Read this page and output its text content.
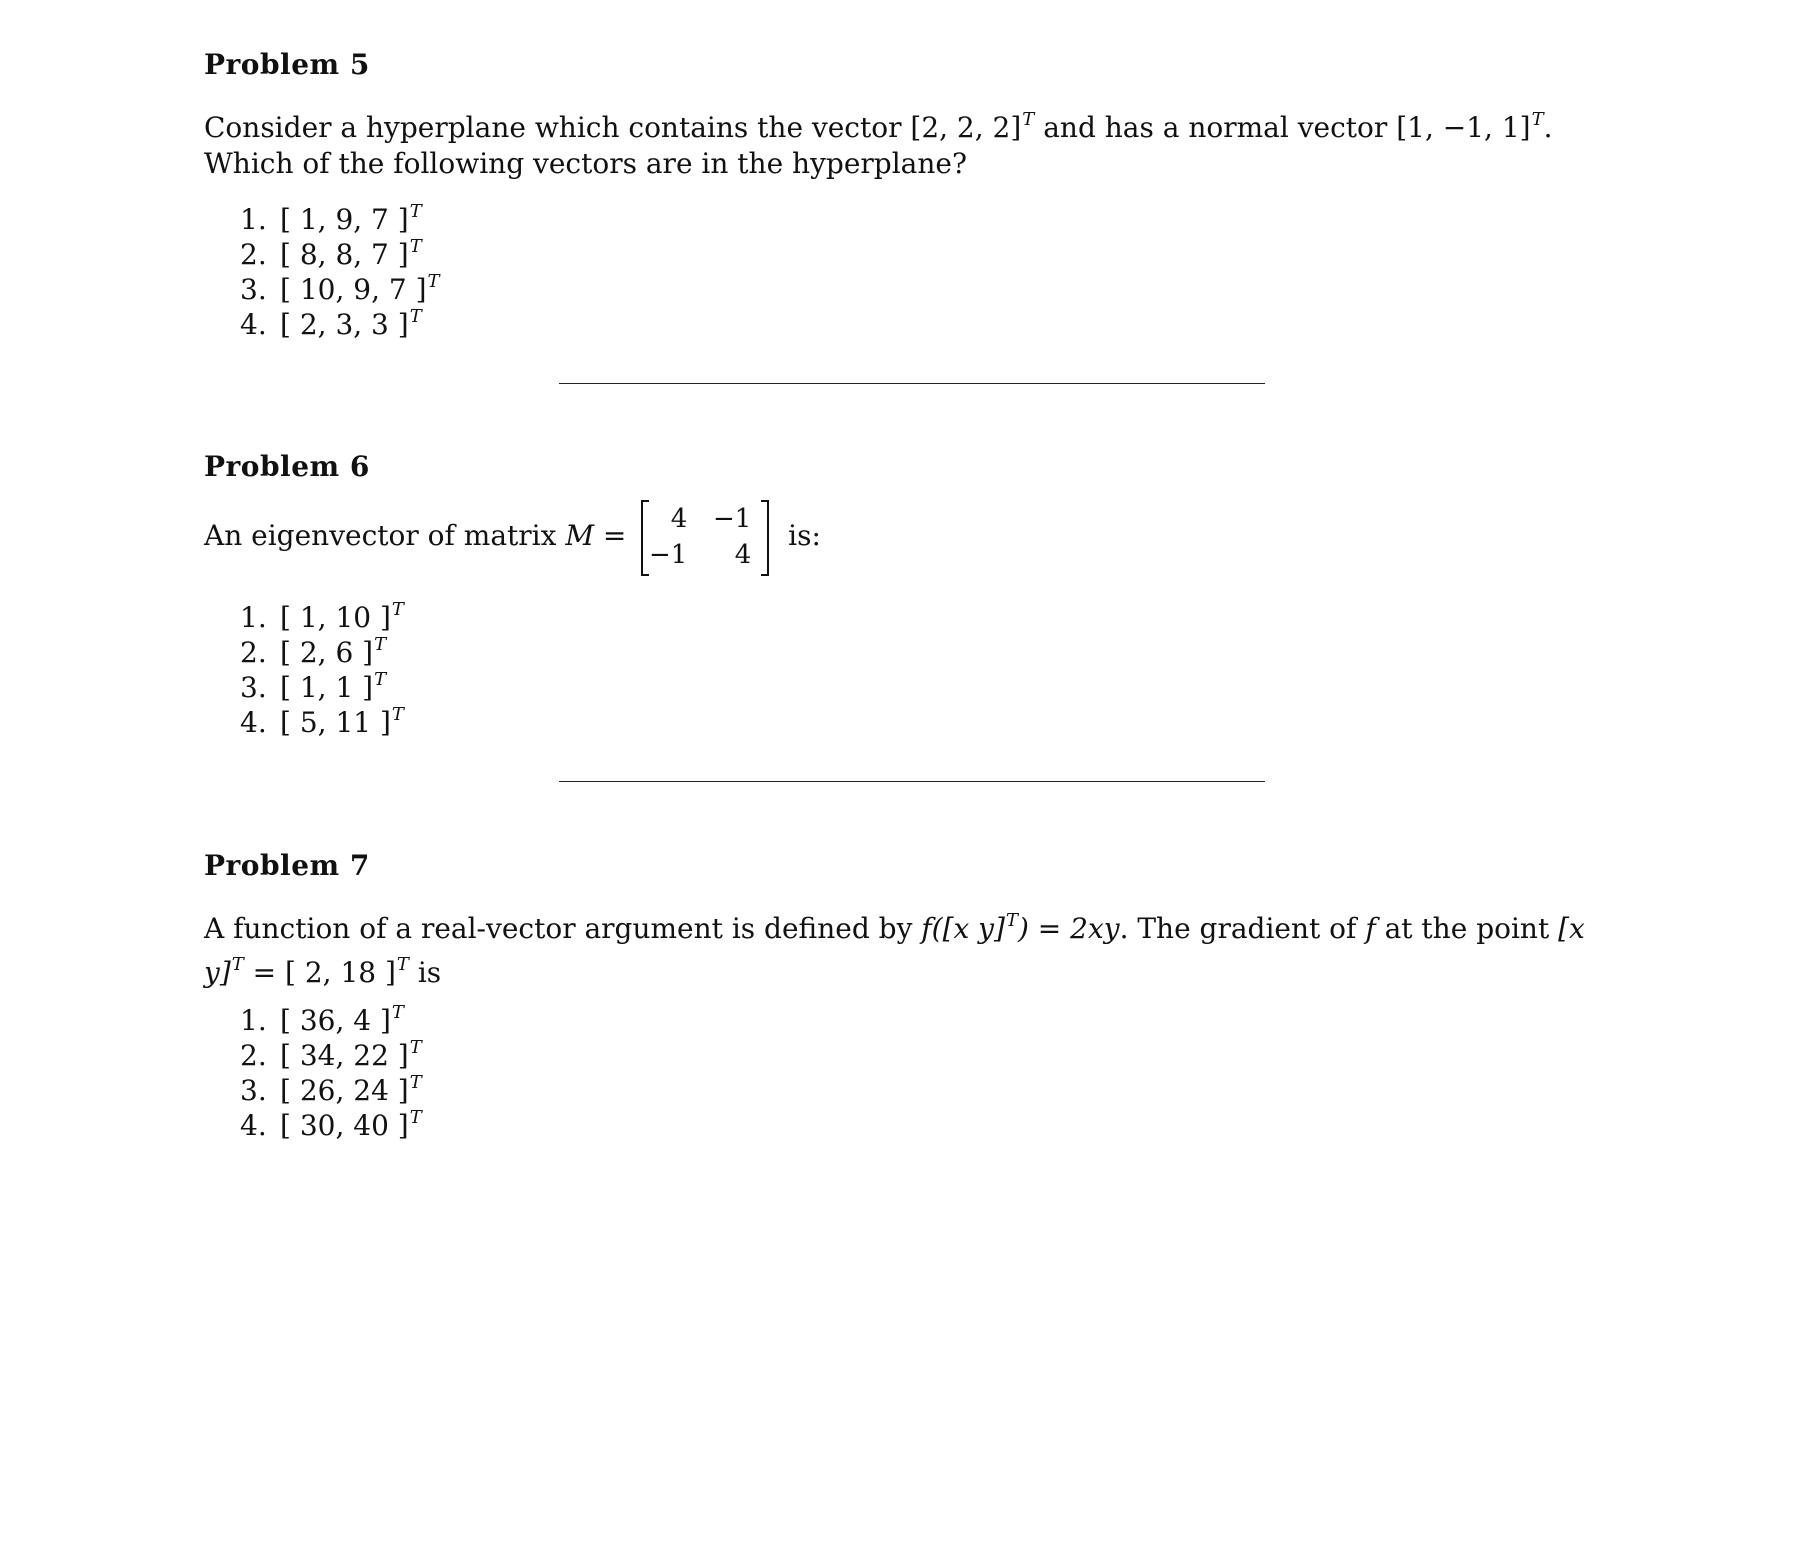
Problem 5

Consider a hyperplane which contains the vector [2, 2, 2]$^T$ and has a normal vector [1, −1, 1]$^T$. Which of the following vectors are in the hyperplane?

1. [ 1, 9, 7 ]$^T$
2. [ 8, 8, 7 ]$^T$
3. [ 10, 9, 7 ]$^T$
4. [ 2, 3, 3 ]$^T$
Problem 6
An eigenvector of matrix M =
4 −1
−1	4
is:
1. [ 1, 10 ]$^T$
2. [ 2, 6 ]$^T$
3. [ 1, 1 ]$^T$
4. [ 5, 11 ]$^T$
Problem 7

A function of a real-vector argument is defined by f([x y]$^T$) = 2xy. The gradient of f at the point [x y]$^T$ = [ 2, 18 ]$^T$ is

1. [ 36, 4 ]$^T$
2. [ 34, 22 ]$^T$
3. [ 26, 24 ]$^T$
4. [ 30, 40 ]$^T$
